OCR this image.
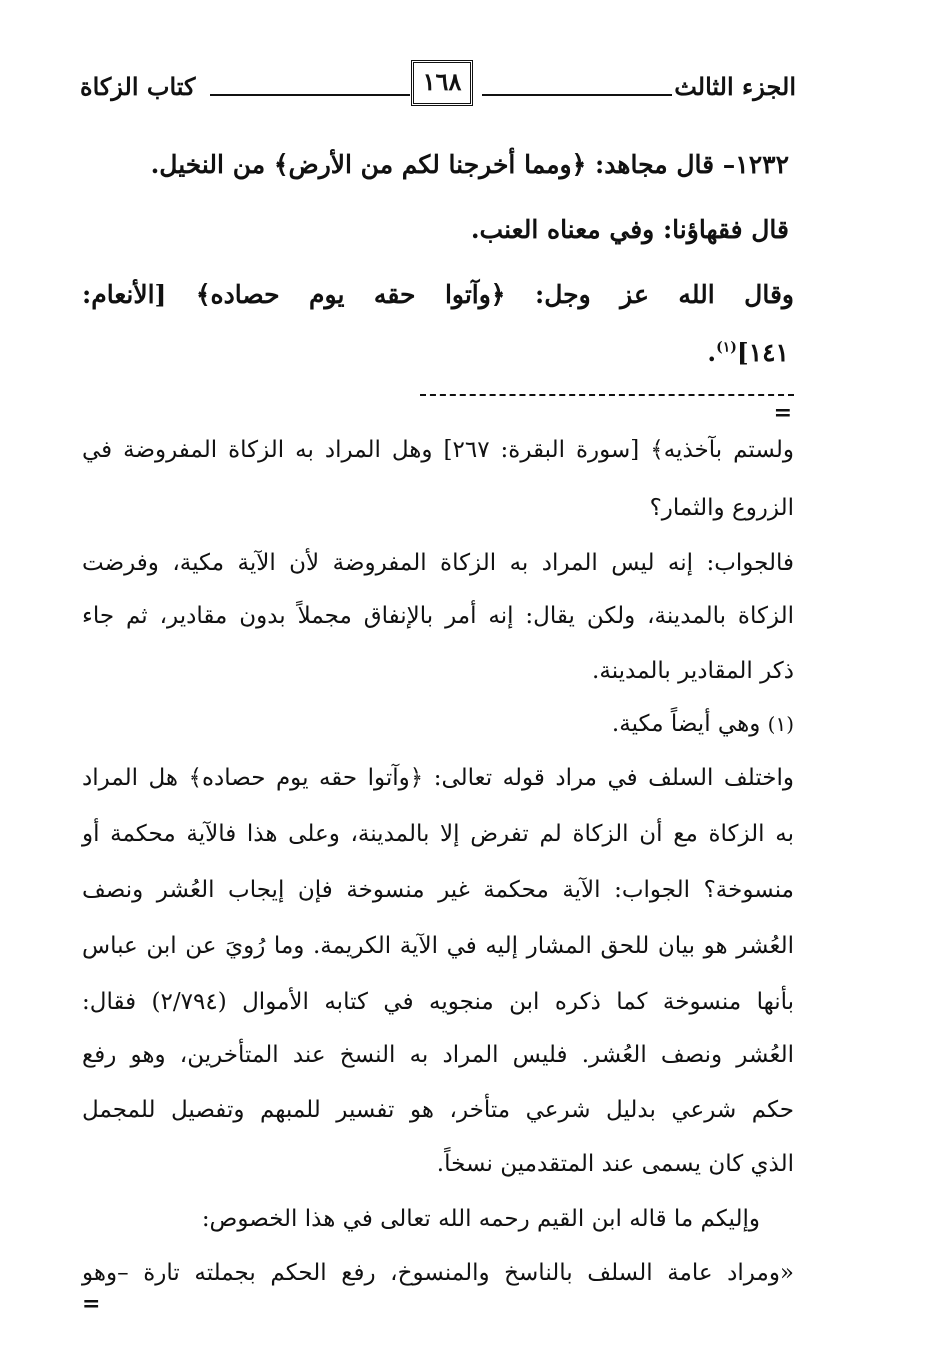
الجزء الثالث
١٦٨
كتاب الزكاة
١٢٣٢– قال مجاهد: ﴿ومما أخرجنا لكم من الأرض﴾ من النخيل.
قال فقهاؤنا: وفي معناه العنب.
وقال الله عز وجل: ﴿وآتوا حقه يوم حصاده﴾ [الأنعام:
١٤١]$^{(١)}$.
=
ولستم بآخذيه﴾ [سورة البقرة: ٢٦٧] وهل المراد به الزكاة المفروضة في
الزروع والثمار؟
فالجواب: إنه ليس المراد به الزكاة المفروضة لأن الآية مكية، وفرضت
الزكاة بالمدينة، ولكن يقال: إنه أمر بالإنفاق مجملاً بدون مقادير، ثم جاء
ذكر المقادير بالمدينة.
(١) وهي أيضاً مكية.
واختلف السلف في مراد قوله تعالى: ﴿وآتوا حقه يوم حصاده﴾ هل المراد
به الزكاة مع أن الزكاة لم تفرض إلا بالمدينة، وعلى هذا فالآية محكمة أو
منسوخة؟ الجواب: الآية محكمة غير منسوخة فإن إيجاب العُشر ونصف
العُشر هو بيان للحق المشار إليه في الآية الكريمة. وما رُويَ عن ابن عباس
بأنها منسوخة كما ذكره ابن منجويه في كتابه الأموال (٢/٧٩٤) فقال:
العُشر ونصف العُشر. فليس المراد به النسخ عند المتأخرين، وهو رفع
حكم شرعي بدليل شرعي متأخر، هو تفسير للمبهم وتفصيل للمجمل
الذي كان يسمى عند المتقدمين نسخاً.
وإليكم ما قاله ابن القيم رحمه الله تعالى في هذا الخصوص:
«ومراد عامة السلف بالناسخ والمنسوخ، رفع الحكم بجملته تارة –وهو
=
